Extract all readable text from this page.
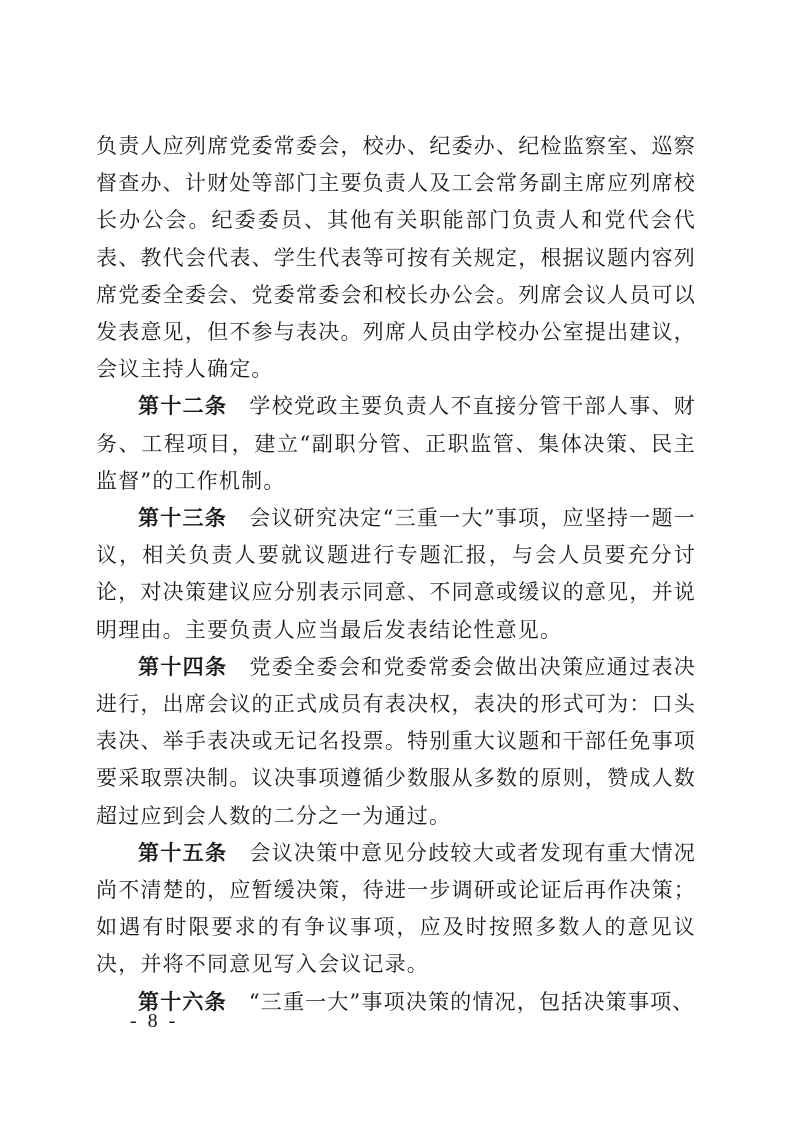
负责人应列席党委常委会，校办、纪委办、纪检监察室、巡察督查办、计财处等部门主要负责人及工会常务副主席应列席校长办公会。纪委委员、其他有关职能部门负责人和党代会代表、教代会代表、学生代表等可按有关规定，根据议题内容列席党委全委会、党委常委会和校长办公会。列席会议人员可以发表意见，但不参与表决。列席人员由学校办公室提出建议，会议主持人确定。

第十二条 学校党政主要负责人不直接分管干部人事、财务、工程项目，建立“副职分管、正职监管、集体决策、民主监督”的工作机制。

第十三条 会议研究决定“三重一大”事项，应坚持一题一议，相关负责人要就议题进行专题汇报，与会人员要充分讨论，对决策建议应分别表示同意、不同意或缓议的意见，并说明理由。主要负责人应当最后发表结论性意见。

第十四条 党委全委会和党委常委会做出决策应通过表决进行，出席会议的正式成员有表决权，表决的形式可为：口头表决、举手表决或无记名投票。特别重大议题和干部任免事项要采取票决制。议决事项遵循少数服从多数的原则，赞成人数超过应到会人数的二分之一为通过。

第十五条 会议决策中意见分歧较大或者发现有重大情况尚不清楚的，应暂缓决策，待进一步调研或论证后再作决策；如遇有时限要求的有争议事项，应及时按照多数人的意见议决，并将不同意见写入会议记录。

第十六条 “三重一大”事项决策的情况，包括决策事项、

- 8 -
